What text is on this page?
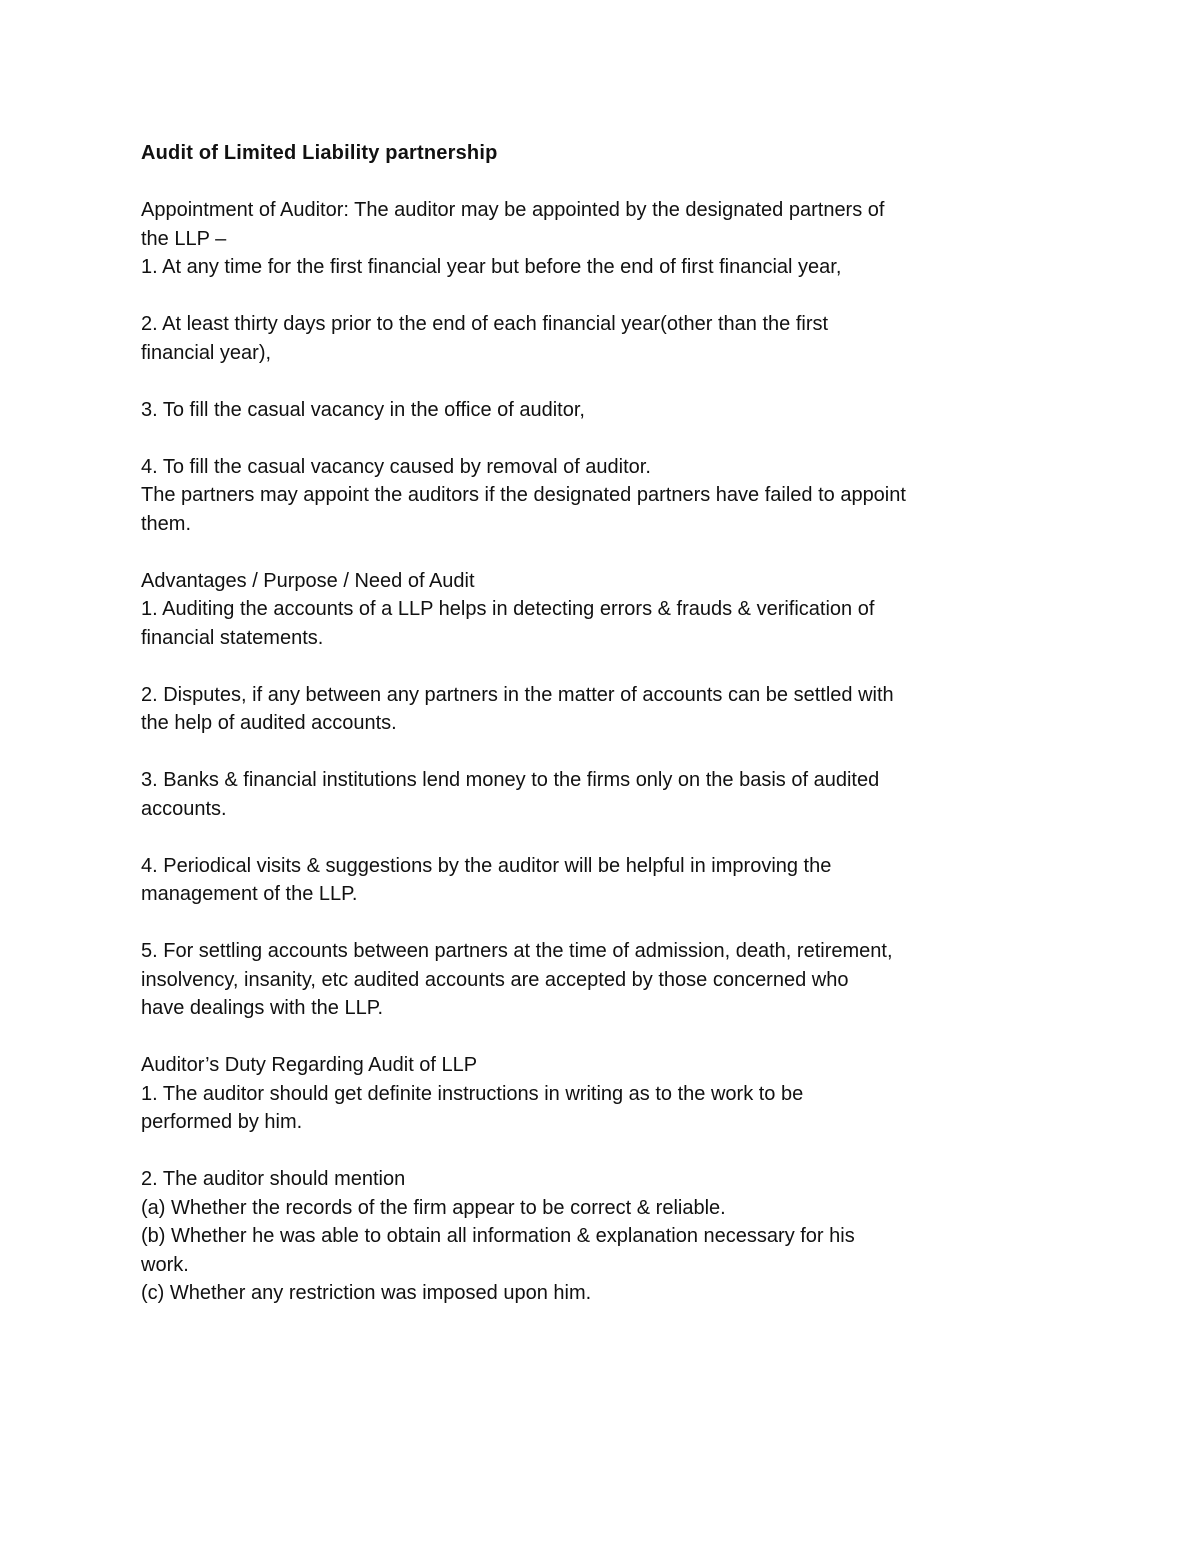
Audit of Limited Liability partnership

Appointment of Auditor: The auditor may be appointed by the designated partners of

the LLP –

1. At any time for the first financial year but before the end of first financial year,

2. At least thirty days prior to the end of each financial year(other than the first

financial year),

3. To fill the casual vacancy in the office of auditor,

4. To fill the casual vacancy caused by removal of auditor.

The partners may appoint the auditors if the designated partners have failed to appoint

them.

Advantages / Purpose / Need of Audit

1. Auditing the accounts of a LLP helps in detecting errors & frauds & verification of

financial statements.

2. Disputes, if any between any partners in the matter of accounts can be settled with

the help of audited accounts.

3. Banks & financial institutions lend money to the firms only on the basis of audited

accounts.

4. Periodical visits & suggestions by the auditor will be helpful in improving the

management of the LLP.

5. For settling accounts between partners at the time of admission, death, retirement,

insolvency, insanity, etc audited accounts are accepted by those concerned who

have dealings with the LLP.

Auditor’s Duty Regarding Audit of LLP

1. The auditor should get definite instructions in writing as to the work to be

performed by him.

2. The auditor should mention

(a) Whether the records of the firm appear to be correct & reliable.

(b) Whether he was able to obtain all information & explanation necessary for his

work.

(c) Whether any restriction was imposed upon him.
